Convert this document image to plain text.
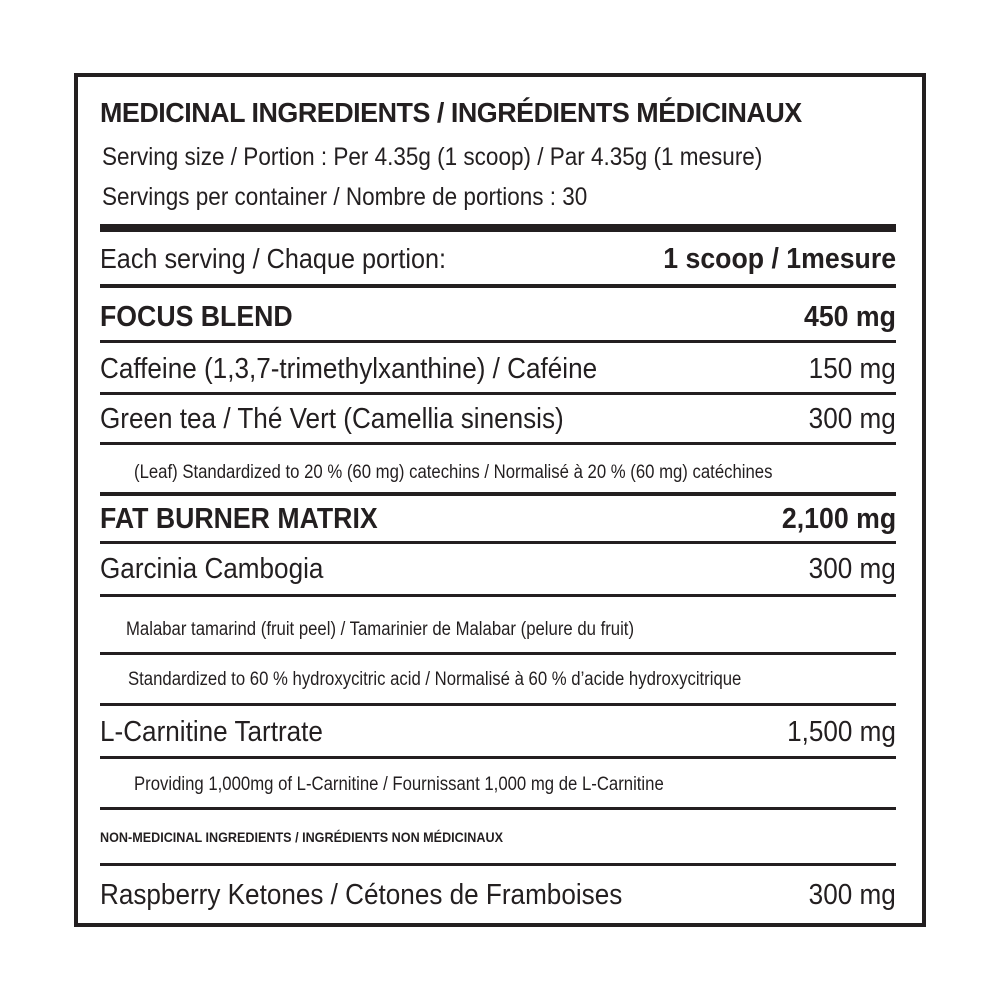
MEDICINAL INGREDIENTS / INGRÉDIENTS MÉDICINAUX
Serving size / Portion : Per 4.35g (1 scoop) / Par 4.35g (1 mesure)
Servings per container / Nombre de portions : 30
Each serving / Chaque portion:	1 scoop / 1mesure
FOCUS BLEND	450 mg
Caffeine (1,3,7-trimethylxanthine) / Caféine	150 mg
Green tea / Thé Vert (Camellia sinensis)	300 mg
(Leaf) Standardized to 20 % (60 mg) catechins / Normalisé à 20 % (60 mg) catéchines
FAT BURNER MATRIX	2,100 mg
Garcinia Cambogia	300 mg
Malabar tamarind (fruit peel) / Tamarinier de Malabar (pelure du fruit)
Standardized to 60 % hydroxycitric acid / Normalisé à 60 % d’acide hydroxycitrique
L-Carnitine Tartrate	1,500 mg
Providing 1,000mg of L-Carnitine / Fournissant 1,000 mg de L-Carnitine
NON-MEDICINAL INGREDIENTS / INGRÉDIENTS NON MÉDICINAUX
Raspberry Ketones / Cétones de Framboises	300 mg
